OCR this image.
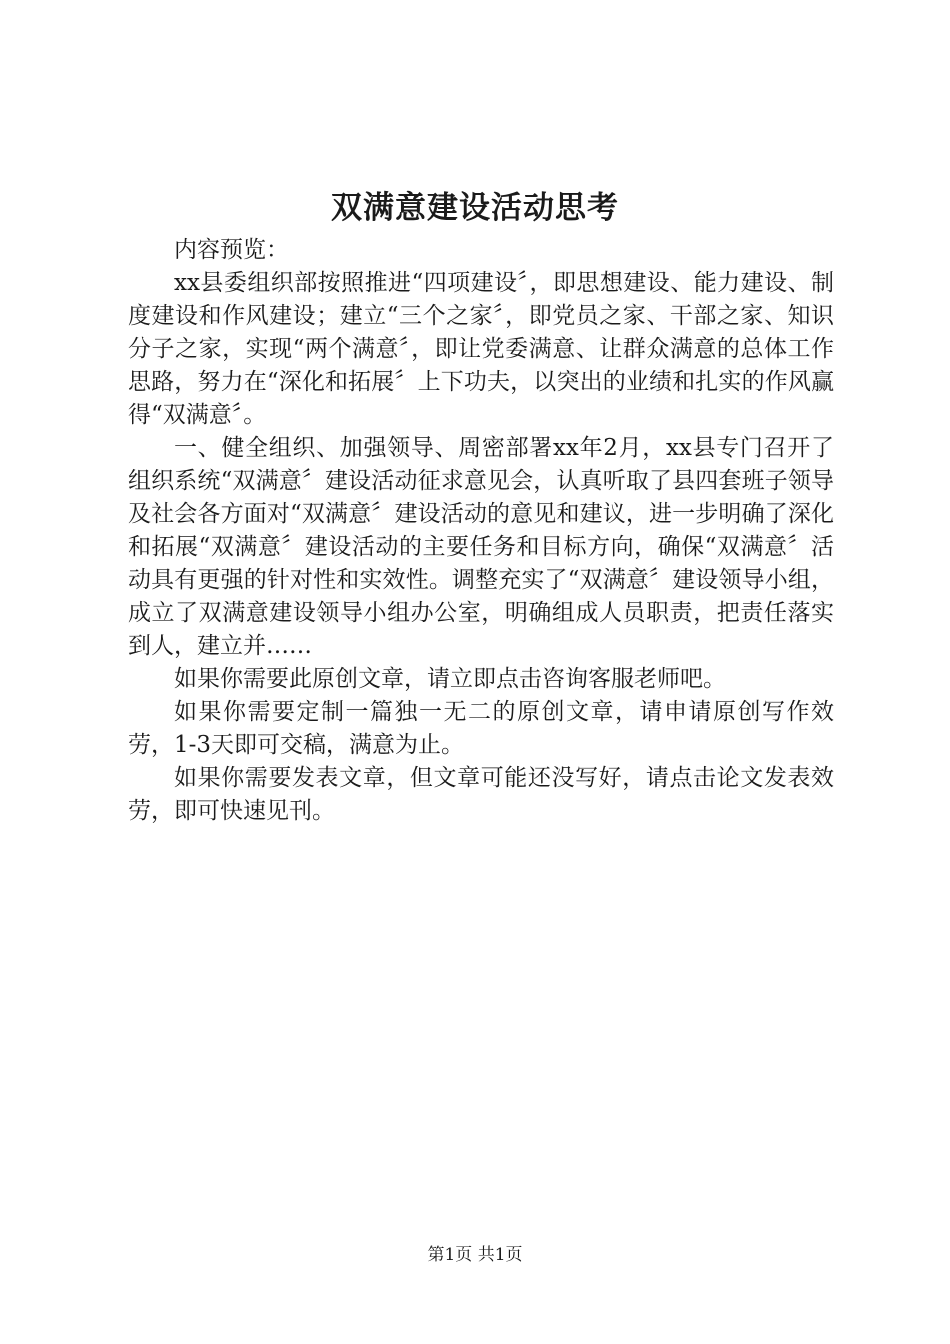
双满意建设活动思考

内容预览：

xx县委组织部按照推进“四项建设〞，即思想建设、能力建设、制度建设和作风建设；建立“三个之家〞，即党员之家、干部之家、知识分子之家，实现“两个满意〞，即让党委满意、让群众满意的总体工作思路，努力在“深化和拓展〞上下功夫，以突出的业绩和扎实的作风赢得“双满意〞。

一、健全组织、加强领导、周密部署xx年2月，xx县专门召开了组织系统“双满意〞建设活动征求意见会，认真听取了县四套班子领导及社会各方面对“双满意〞建设活动的意见和建议，进一步明确了深化和拓展“双满意〞建设活动的主要任务和目标方向，确保“双满意〞活动具有更强的针对性和实效性。调整充实了“双满意〞建设领导小组，成立了双满意建设领导小组办公室，明确组成人员职责，把责任落实到人，建立并……

如果你需要此原创文章，请立即点击咨询客服老师吧。

如果你需要定制一篇独一无二的原创文章，请申请原创写作效劳，1-3天即可交稿，满意为止。

如果你需要发表文章，但文章可能还没写好，请点击论文发表效劳，即可快速见刊。

第1页 共1页
